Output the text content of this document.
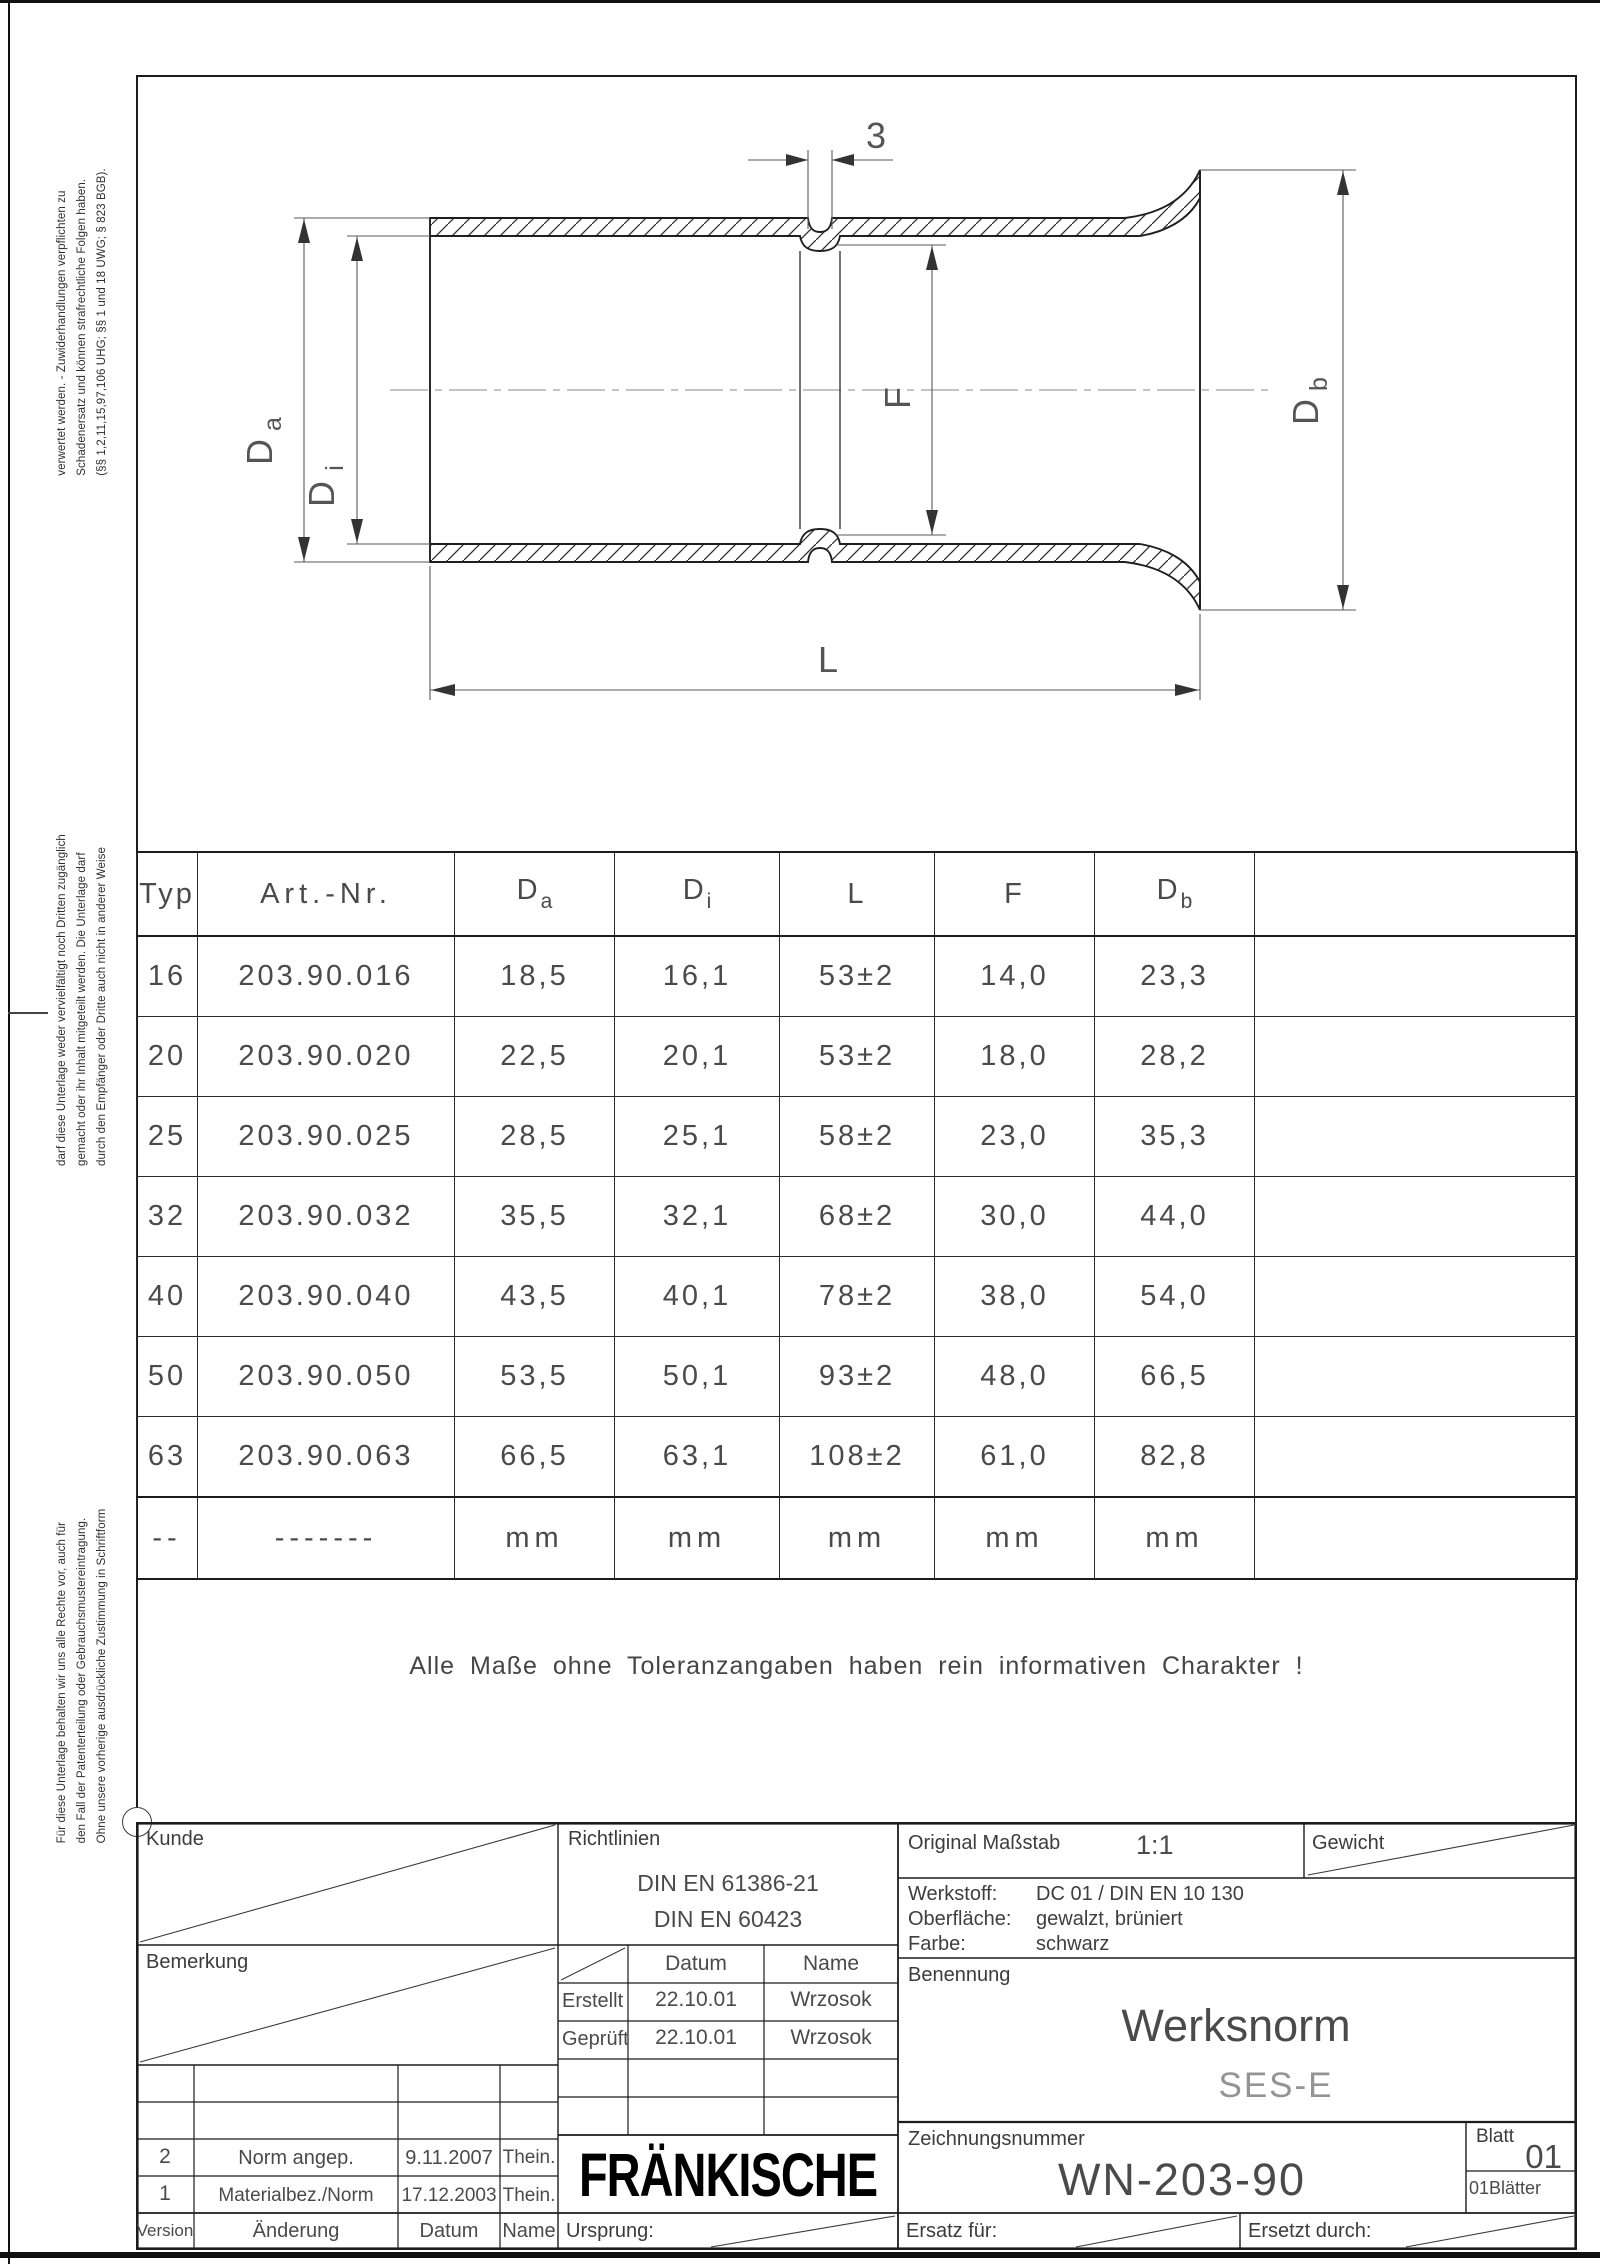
verwertet werden. - Zuwiderhandlungen verpflichten zu Schadenersatz und können strafrechtliche Folgen haben. (§§ 1,2,11,15,97,106 UHG; §§ 1 und 18 UWG; § 823 BGB).
darf diese Unterlage weder vervielfältigt noch Dritten zugänglich gemacht oder ihr Inhalt mitgeteilt werden. Die Unterlage darf durch den Empfänger oder Dritte auch nicht in anderer Weise
Für diese Unterlage behalten wir uns alle Rechte vor, auch für den Fall der Patenterteilung oder Gebrauchsmustereintragung. Ohne unsere vorherige ausdrückliche Zustimmung in Schriftform
3
D
a
D
i
F
D
b
L
Typ	Art.-Nr.	$D_a$	$D_i$	L	F	$D_b$	
16	203.90.016	18,5	16,1	53±2	14,0	23,3	
20	203.90.020	22,5	20,1	53±2	18,0	28,2	
25	203.90.025	28,5	25,1	58±2	23,0	35,3	
32	203.90.032	35,5	32,1	68±2	30,0	44,0	
40	203.90.040	43,5	40,1	78±2	38,0	54,0	
50	203.90.050	53,5	50,1	93±2	48,0	66,5	
63	203.90.063	66,5	63,1	108±2	61,0	82,8	
--	-------	mm	mm	mm	mm	mm	
Alle Maße ohne Toleranzangaben haben rein informativen Charakter !
Kunde	Richtlinien
DIN EN 61386-21
DIN EN 60423
Original Maßstab	1:1	Gewicht
Werkstoff: DC 01 / DIN EN 10 130
Oberfläche: gewalzt, brüniert
Farbe:	schwarz
Bemerkung	Datum	Name
Erstellt	22.10.01	Wrzosok
Geprüft	22.10.01	Wrzosok
Benennung
Werksnorm
SES-E
Zeichnungsnummer
WN-203-90
Blatt
01
01Blätter
FRÄNKISCHE
Ursprung:	Ersatz für:	Ersetzt durch:
2	Norm angep.	9.11.2007 Thein.
1	Materialbez./Norm	17.12.2003 Thein.
Version	Änderung	Datum	Name
